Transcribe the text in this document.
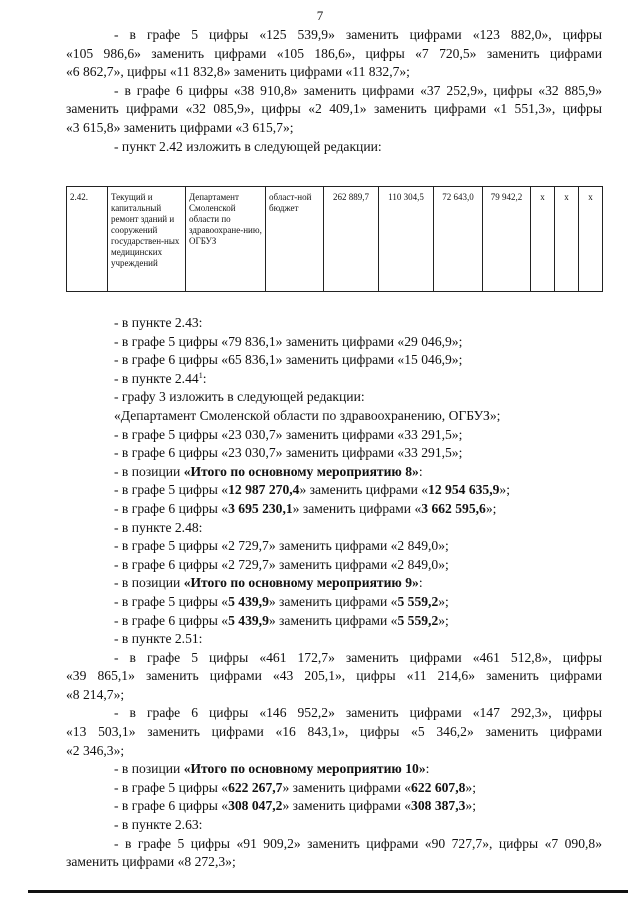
7

- в графе 5 цифры «125 539,9» заменить цифрами «123 882,0», цифры

«105 986,6» заменить цифрами «105 186,6», цифры «7 720,5» заменить цифрами

«6 862,7», цифры «11 832,8» заменить цифрами «11 832,7»;

- в графе 6 цифры «38 910,8» заменить цифрами «37 252,9», цифры «32 885,9»

заменить цифрами «32 085,9», цифры «2 409,1» заменить цифрами «1 551,3», цифры

«3 615,8» заменить цифрами «3 615,7»;

- пункт 2.42 изложить в следующей редакции:

2.42.	Текущий и капитальный ремонт зданий и сооружений государствен-ных медицинских учреждений	Департамент Смоленской области по здравоохране-нию, ОГБУЗ	област-ной бюджет	262 889,7	110 304,5	72 643,0	79 942,2	x	x	x

- в пункте 2.43:

- в графе 5 цифры «79 836,1» заменить цифрами «29 046,9»;

- в графе 6 цифры «65 836,1» заменить цифрами «15 046,9»;

- в пункте 2.44$^1$:

- графу 3 изложить в следующей редакции:

«Департамент Смоленской области по здравоохранению, ОГБУЗ»;

- в графе 5 цифры «23 030,7» заменить цифрами «33 291,5»;

- в графе 6 цифры «23 030,7» заменить цифрами «33 291,5»;

- в позиции «Итого по основному мероприятию 8»:

- в графе 5 цифры «12 987 270,4» заменить цифрами «12 954 635,9»;

- в графе 6 цифры «3 695 230,1» заменить цифрами «3 662 595,6»;

- в пункте 2.48:

- в графе 5 цифры «2 729,7» заменить цифрами «2 849,0»;

- в графе 6 цифры «2 729,7» заменить цифрами «2 849,0»;

- в позиции «Итого по основному мероприятию 9»:

- в графе 5 цифры «5 439,9» заменить цифрами «5 559,2»;

- в графе 6 цифры «5 439,9» заменить цифрами «5 559,2»;

- в пункте 2.51:

- в графе 5 цифры «461 172,7» заменить цифрами «461 512,8», цифры

«39 865,1» заменить цифрами «43 205,1», цифры «11 214,6» заменить цифрами

«8 214,7»;

- в графе 6 цифры «146 952,2» заменить цифрами «147 292,3», цифры

«13 503,1» заменить цифрами «16 843,1», цифры «5 346,2» заменить цифрами

«2 346,3»;

- в позиции «Итого по основному мероприятию 10»:

- в графе 5 цифры «622 267,7» заменить цифрами «622 607,8»;

- в графе 6 цифры «308 047,2» заменить цифрами «308 387,3»;

- в пункте 2.63:

- в графе 5 цифры «91 909,2» заменить цифрами «90 727,7», цифры «7 090,8»

заменить цифрами «8 272,3»;
